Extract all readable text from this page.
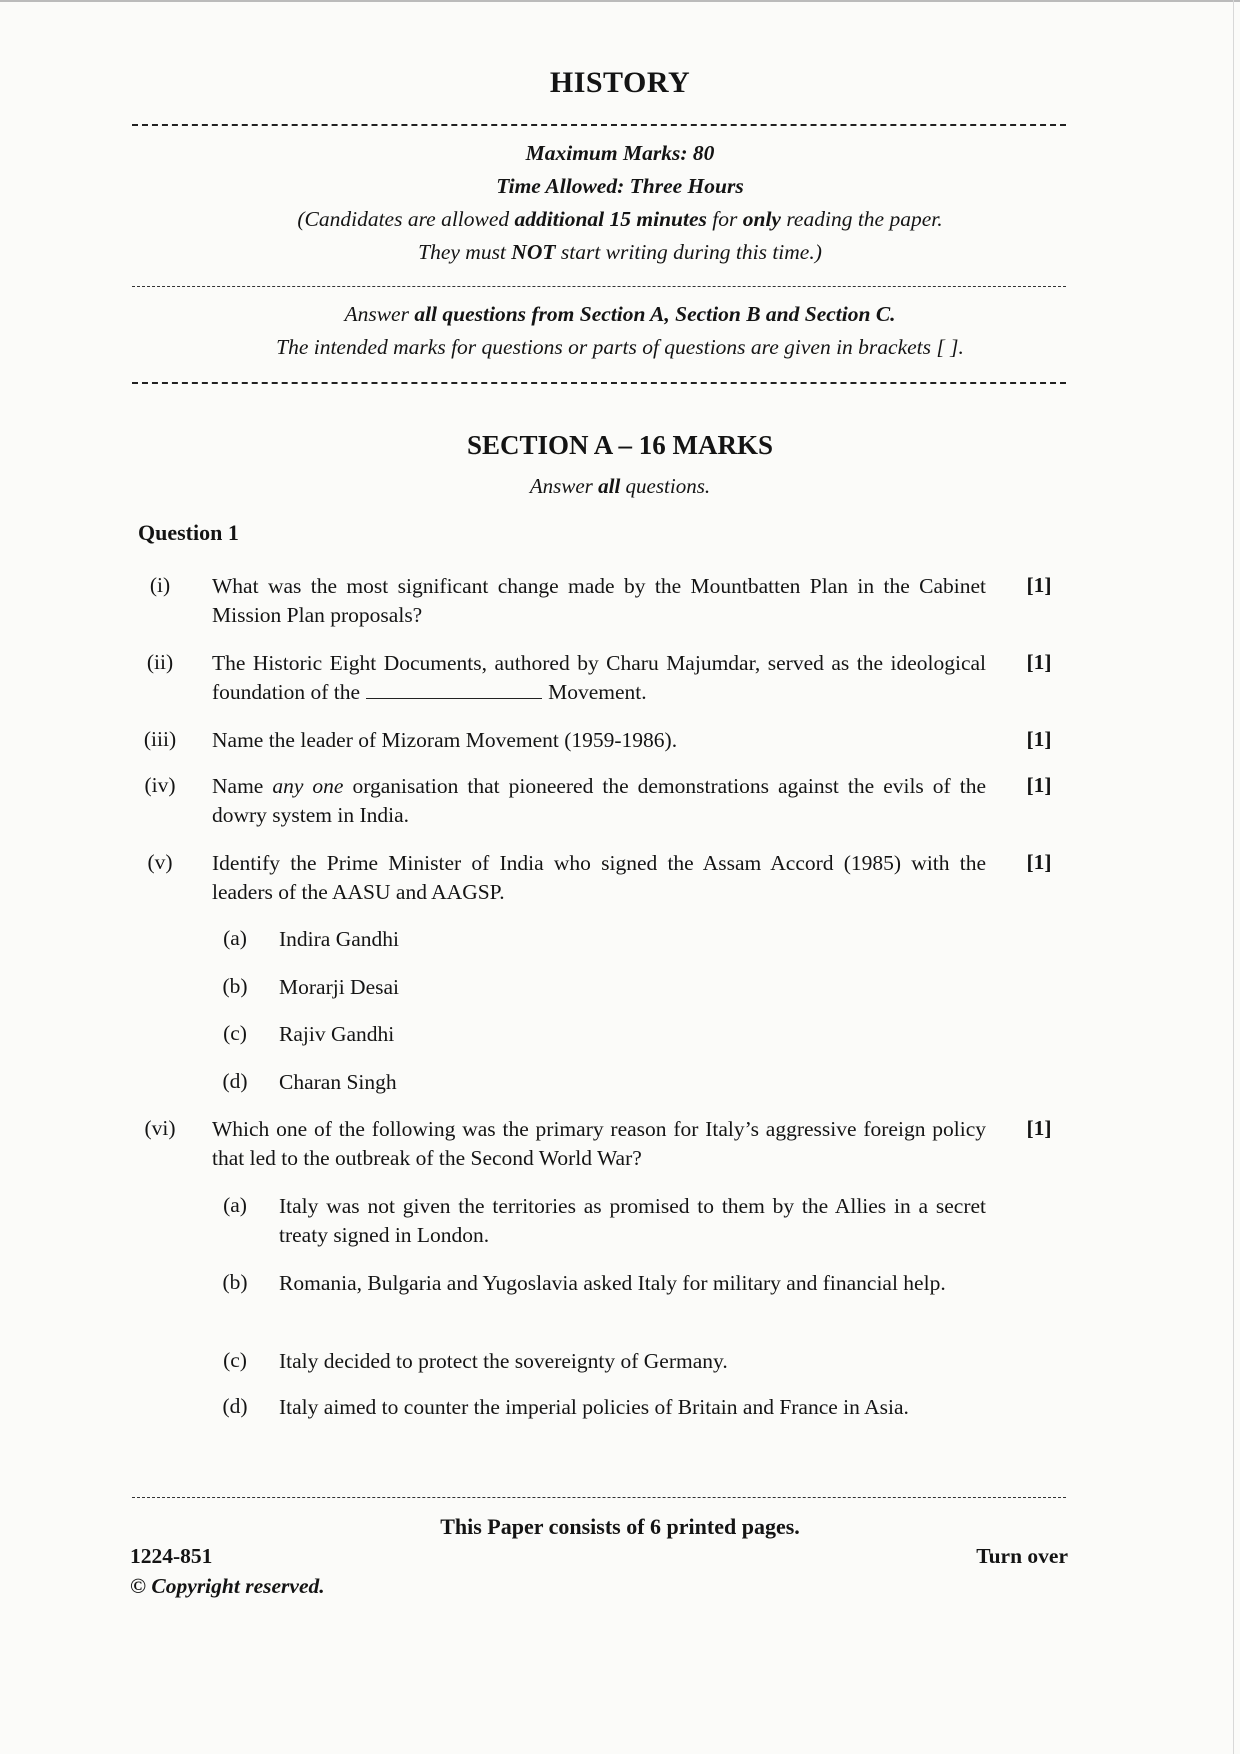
HISTORY
Maximum Marks: 80
Time Allowed: Three Hours
(Candidates are allowed additional 15 minutes for only reading the paper.
They must NOT start writing during this time.)
Answer all questions from Section A, Section B and Section C.
The intended marks for questions or parts of questions are given in brackets [ ].
SECTION A – 16 MARKS
Answer all questions.
Question 1
(i)	What was the most significant change made by the Mountbatten Plan in the Cabinet Mission Plan proposals?
[1]
(ii)	The Historic Eight Documents, authored by Charu Majumdar, served as the ideological foundation of the	Movement.
[1]
(iii)	Name the leader of Mizoram Movement (1959-1986).	[1]
(iv)	Name any one organisation that pioneered the demonstrations against the evils of the dowry system in India.
[1]
(v)	Identify the Prime Minister of India who signed the Assam Accord (1985) with the leaders of the AASU and AAGSP.
[1]
(a)	Indira Gandhi
(b)	Morarji Desai
(c)	Rajiv Gandhi
(d)	Charan Singh
(vi)	Which one of the following was the primary reason for Italy’s aggressive foreign policy that led to the outbreak of the Second World War?
[1]
(a)	Italy was not given the territories as promised to them by the Allies in a secret treaty signed in London.
(b)	Romania, Bulgaria and Yugoslavia asked Italy for military and financial help.
(c)	Italy decided to protect the sovereignty of Germany.
(d)	Italy aimed to counter the imperial policies of Britain and France in Asia.
This Paper consists of 6 printed pages.
1224-851	Turn over
© Copyright reserved.
